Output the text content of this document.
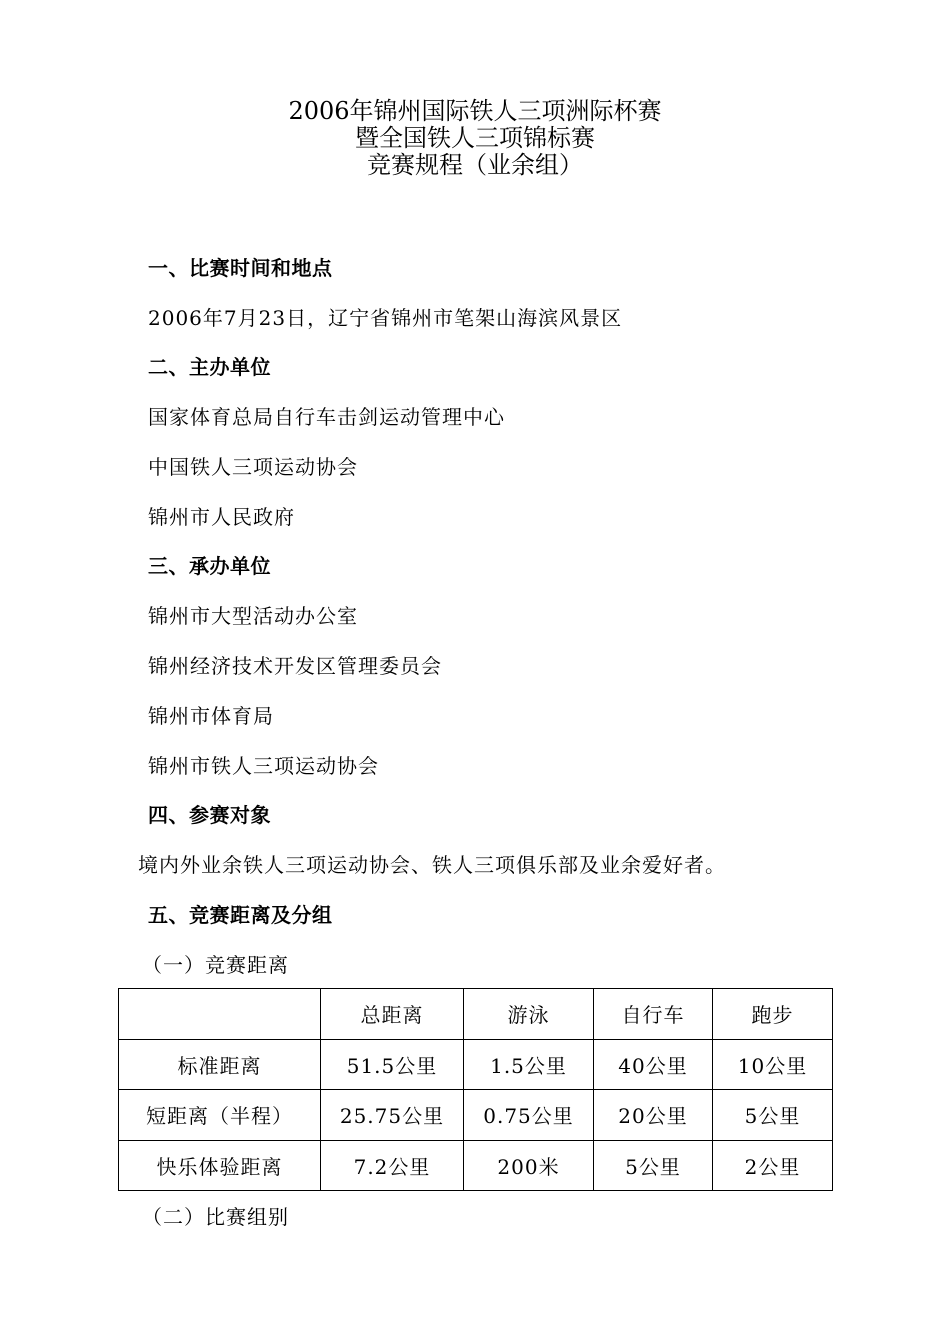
2006年锦州国际铁人三项洲际杯赛
暨全国铁人三项锦标赛
竞赛规程（业余组）
一、比赛时间和地点
2006年7月23日，辽宁省锦州市笔架山海滨风景区
二、主办单位
国家体育总局自行车击剑运动管理中心
中国铁人三项运动协会
锦州市人民政府
三、承办单位
锦州市大型活动办公室
锦州经济技术开发区管理委员会
锦州市体育局
锦州市铁人三项运动协会
四、参赛对象
境内外业余铁人三项运动协会、铁人三项俱乐部及业余爱好者。
五、竞赛距离及分组
（一）竞赛距离
	总距离	游泳	自行车	跑步
标准距离	51.5公里	1.5公里	40公里	10公里
短距离（半程）	25.75公里	0.75公里	20公里	5公里
快乐体验距离	7.2公里	200米	5公里	2公里
（二）比赛组别
